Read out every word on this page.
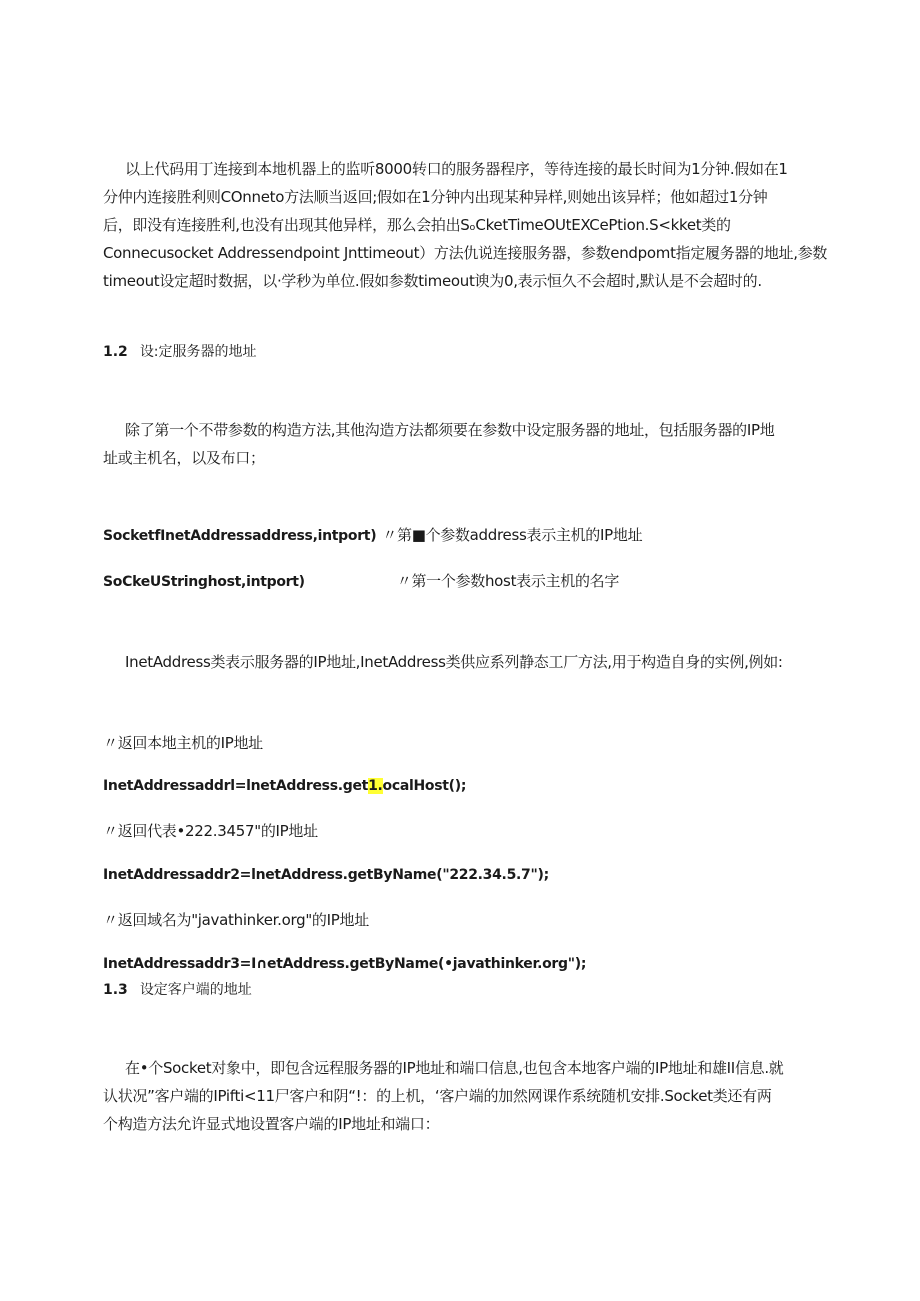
以上代码用丁连接到本地机器上的监听8000转口的服务器程序，等待连接的最长时间为1分钟.假如在1
分仲内连接胜利则COnneto方法顺当返回;假如在1分钟内出现某种异样,则她出该异样；他如超过1分钟
后，即没有连接胜利,也没有出现其他异样，那么会拍出SₒCketTimeOUtEXCePtion.S<kket类的
Connecusocket Addressendpoint Jnttimeout）方法仇说连接服务器，参数endpomt指定履务器的地址,参数
timeout设定超时数据，以·学秒为单位.假如参数timeout谀为0,表示恒久不会超时,默认是不会超时的.
1.2 设:定服务器的地址
除了第一个不带参数的构造方法,其他沟造方法都须要在参数中设定服务器的地址，包括服务器的IP地
址或主机名，以及布口；
SocketfInetAddressaddress,intport) 〃第■个参数address表示主机的IP地址
SoCkeUStringhost,intport)	〃第一个参数host表示主机的名字
InetAddress类表示服务器的IP地址,InetAddress类供应系列静态工厂方法,用于构造自身的实例,例如:
〃返回本地主机的IP地址
InetAddressaddrl=lnetAddress.get1.ocalHost();
〃返回代表•222.3457"的IP地址
InetAddressaddr2=lnetAddress.getByName("222.34.5.7");
〃返回域名为"javathinker.org"的IP地址
InetAddressaddr3=I∩etAddress.getByName(•javathinker.org");
1.3 设定客户端的地址
在•个Socket对象中，即包含远程服务器的IP地址和端口信息,也包含本地客户端的IP地址和雄II信息.就
认状况”客户端的IPifti<11尸客户和阴“!：的上机，‘客户端的加然网课作系统随机安排.Socket类还有两
个构造方法允许显式地设置客户端的IP地址和端口：
